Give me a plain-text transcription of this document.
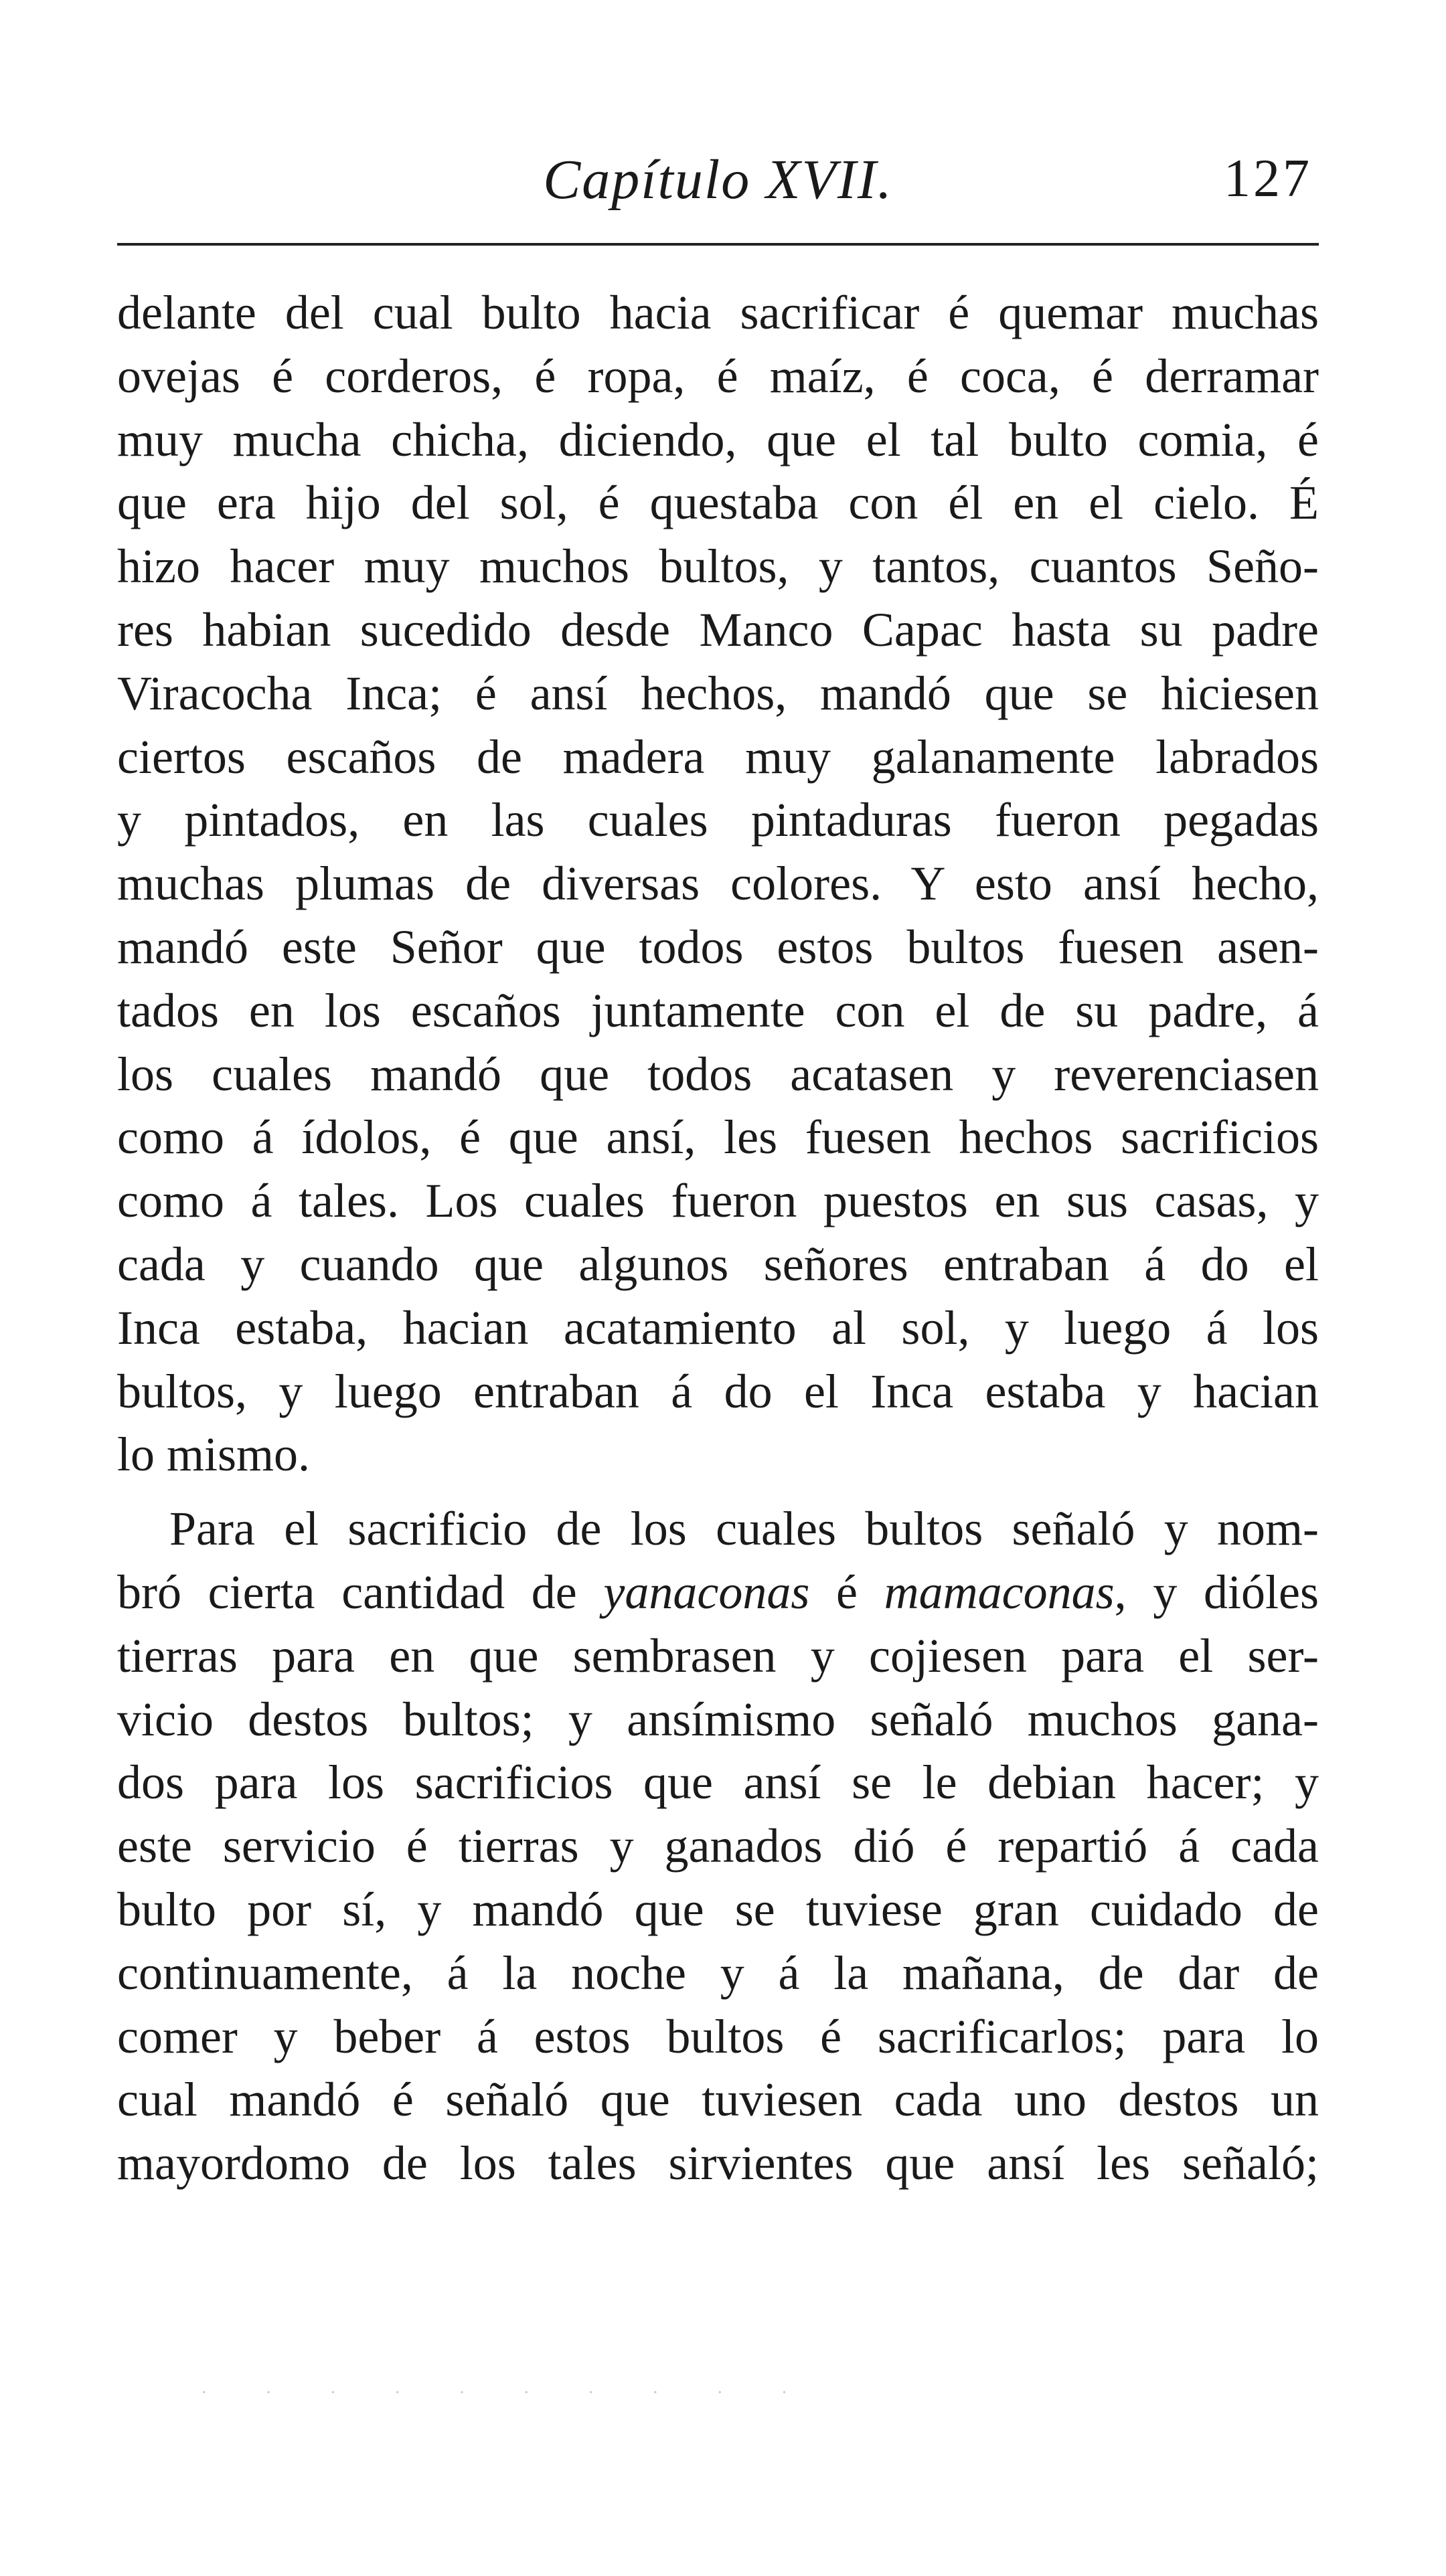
Capítulo XVII.	127
delante del cual bulto hacia sacrificar é quemar muchas
ovejas é corderos, é ropa, é maíz, é coca, é derramar
muy mucha chicha, diciendo, que el tal bulto comia, é
que era hijo del sol, é questaba con él en el cielo. É
hizo hacer muy muchos bultos, y tantos, cuantos Seño-
res habian sucedido desde Manco Capac hasta su padre
Viracocha Inca; é ansí hechos, mandó que se hiciesen
ciertos escaños de madera muy galanamente labrados
y pintados, en las cuales pintaduras fueron pegadas
muchas plumas de diversas colores. Y esto ansí hecho,
mandó este Señor que todos estos bultos fuesen asen-
tados en los escaños juntamente con el de su padre, á
los cuales mandó que todos acatasen y reverenciasen
como á ídolos, é que ansí, les fuesen hechos sacrificios
como á tales. Los cuales fueron puestos en sus casas, y
cada y cuando que algunos señores entraban á do el
Inca estaba, hacian acatamiento al sol, y luego á los
bultos, y luego entraban á do el Inca estaba y hacian
lo mismo.
Para el sacrificio de los cuales bultos señaló y nom-
bró cierta cantidad de yanaconas é mamaconas, y dióles
tierras para en que sembrasen y cojiesen para el ser-
vicio destos bultos; y ansímismo señaló muchos gana-
dos para los sacrificios que ansí se le debian hacer; y
este servicio é tierras y ganados dió é repartió á cada
bulto por sí, y mandó que se tuviese gran cuidado de
continuamente, á la noche y á la mañana, de dar de
comer y beber á estos bultos é sacrificarlos; para lo
cual mandó é señaló que tuviesen cada uno destos un
mayordomo de los tales sirvientes que ansí les señaló;
· · · · · · · · · ·
